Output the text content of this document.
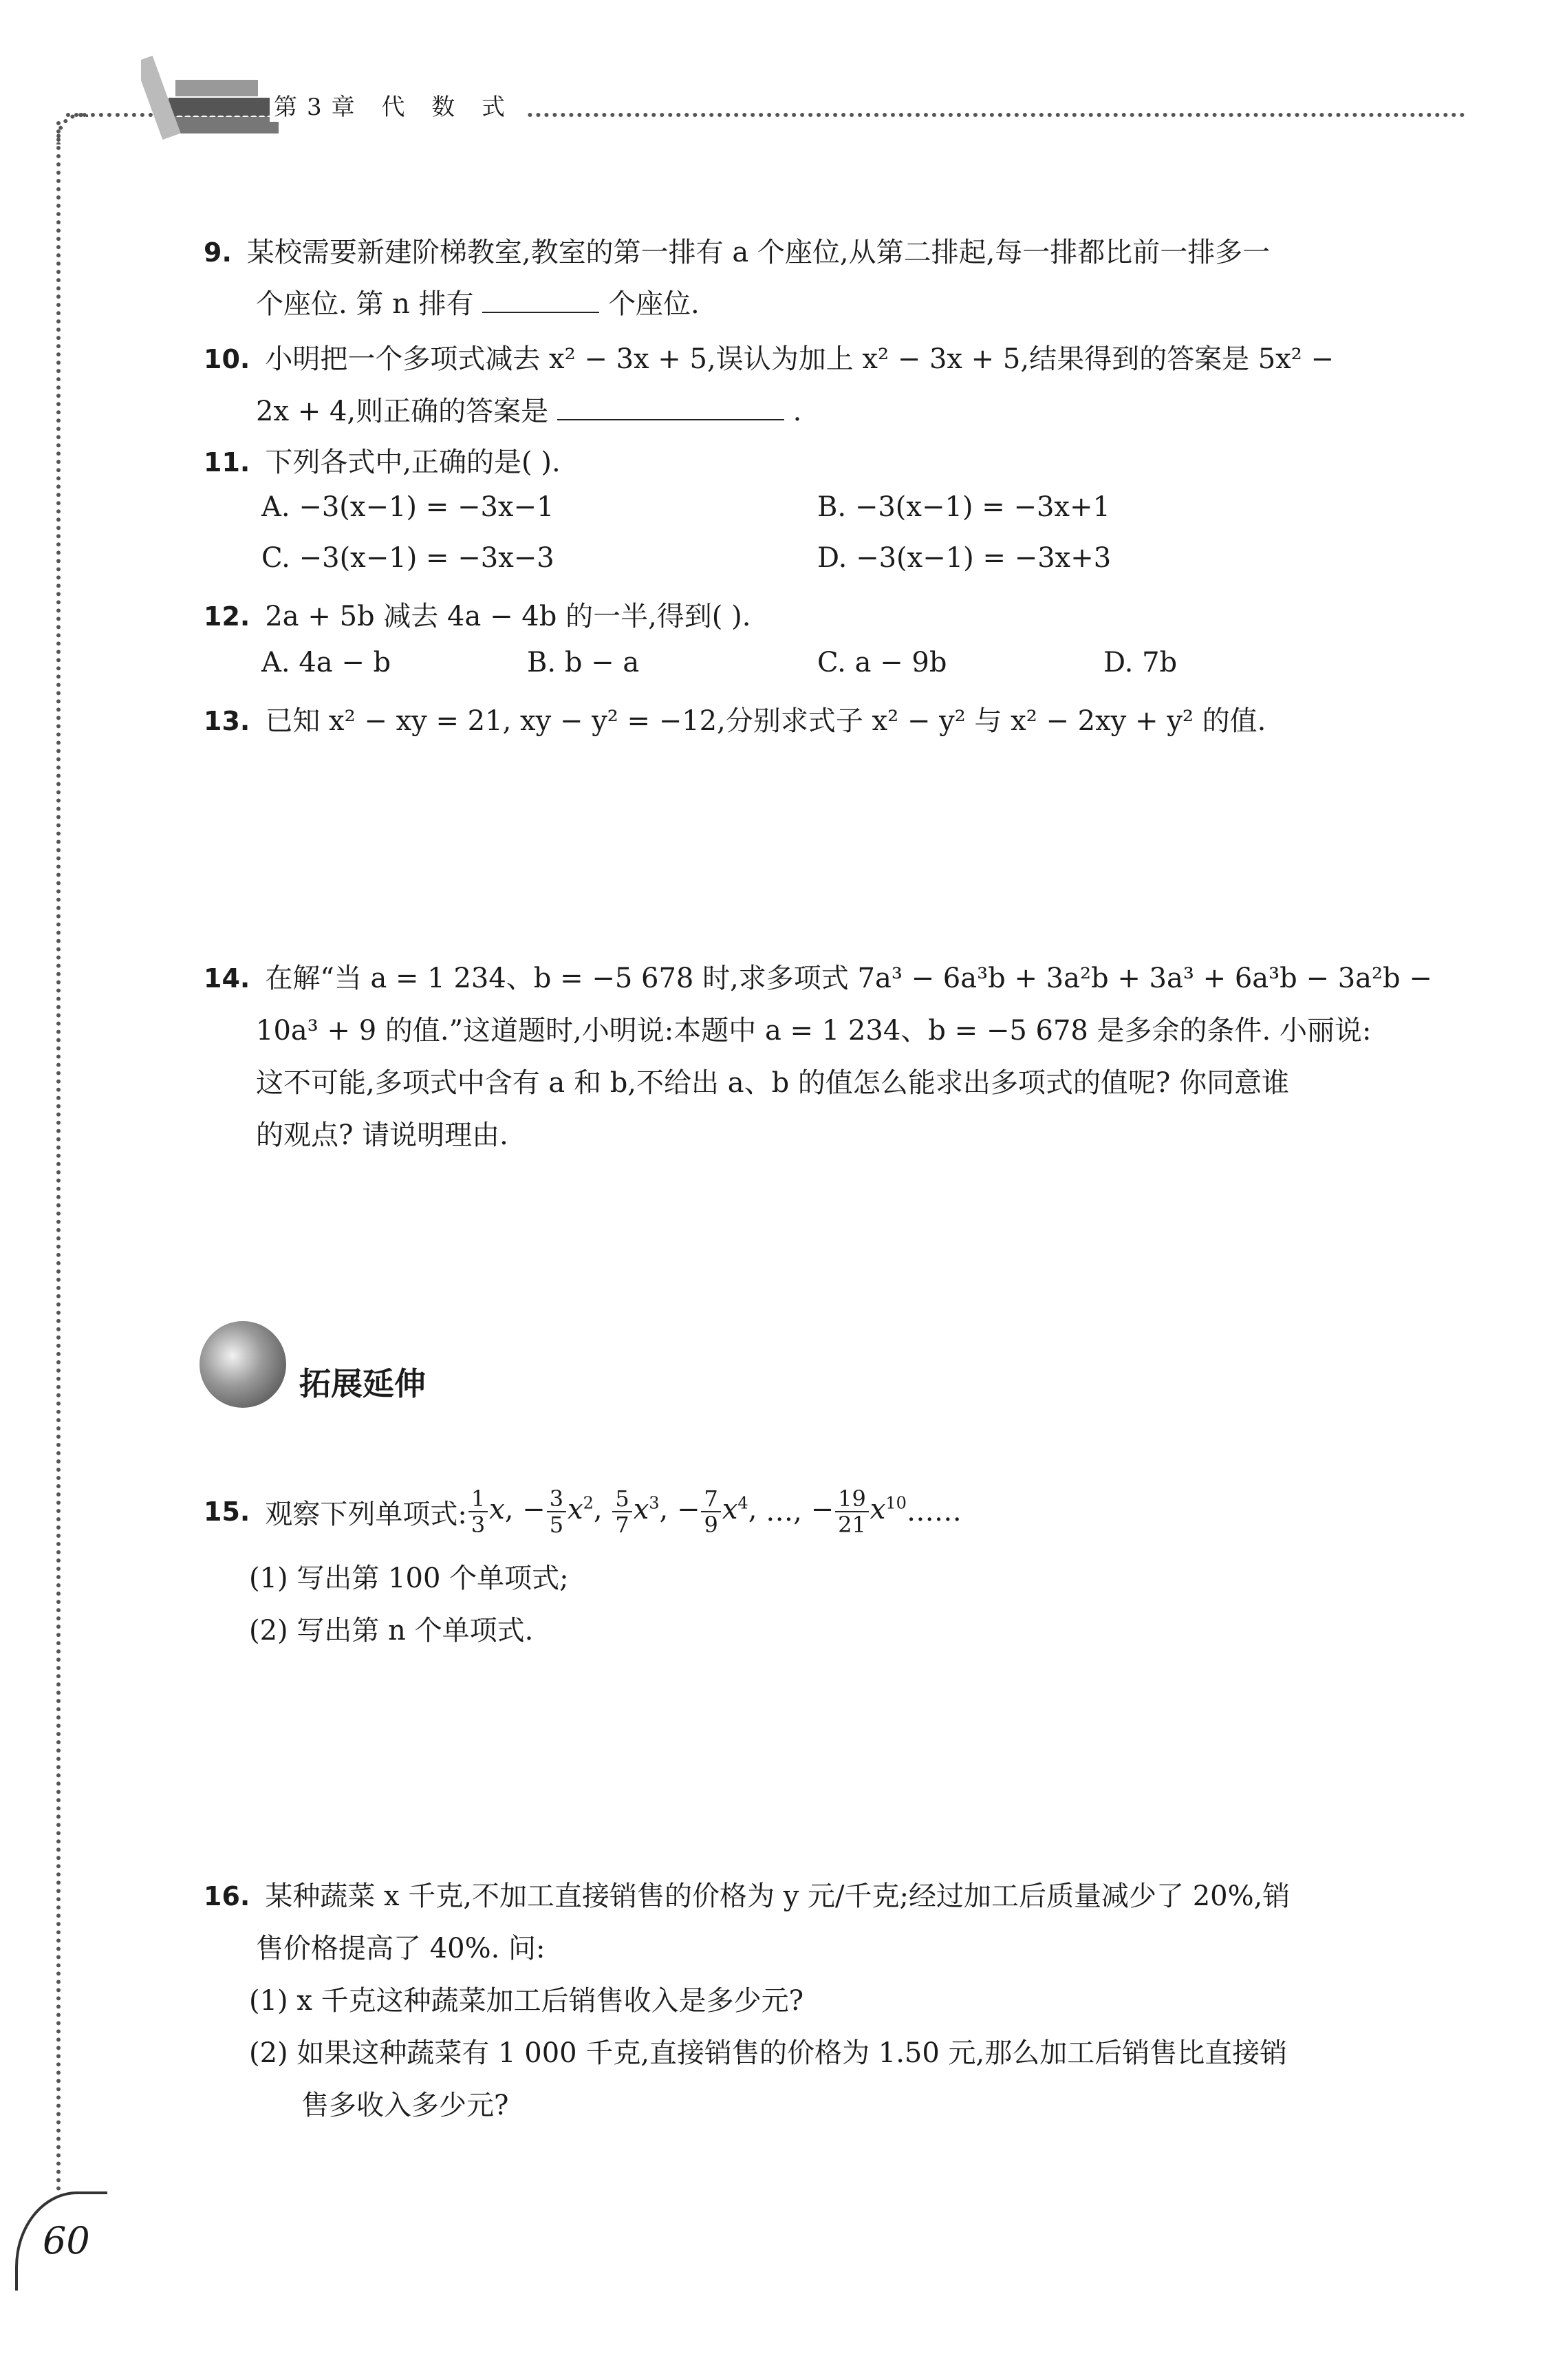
第3章 代 数 式
9. 某校需要新建阶梯教室,教室的第一排有 a 个座位,从第二排起,每一排都比前一排多一
个座位. 第 n 排有	个座位.
10. 小明把一个多项式减去 x² − 3x + 5,误认为加上 x² − 3x + 5,结果得到的答案是 5x² −
2x + 4,则正确的答案是	.
11. 下列各式中,正确的是( ).
A. −3(x−1) = −3x−1	B. −3(x−1) = −3x+1
C. −3(x−1) = −3x−3	D. −3(x−1) = −3x+3
12. 2a + 5b 减去 4a − 4b 的一半,得到( ).
A. 4a − b	B. b − a	C. a − 9b	D. 7b
13. 已知 x² − xy = 21, xy − y² = −12,分别求式子 x² − y² 与 x² − 2xy + y² 的值.
14. 在解“当 a = 1 234、b = −5 678 时,求多项式 7a³ − 6a³b + 3a²b + 3a³ + 6a³b − 3a²b −
10a³ + 9 的值.”这道题时,小明说:本题中 a = 1 234、b = −5 678 是多余的条件. 小丽说:
这不可能,多项式中含有 a 和 b,不给出 a、b 的值怎么能求出多项式的值呢? 你同意谁
的观点? 请说明理由.
拓展延伸
15. 观察下列单项式: $\frac{1}{3} x$, − $\frac{3}{5} x^2$, $\frac{5}{7} x^3$, − $\frac{7}{9} x^4$, …,
− $\frac{19}{21} x^{10}$ ……
(1) 写出第 100 个单项式;
(2) 写出第 n 个单项式.
16. 某种蔬菜 x 千克,不加工直接销售的价格为 y 元/千克;经过加工后质量减少了 20%,销
售价格提高了 40%. 问:
(1) x 千克这种蔬菜加工后销售收入是多少元?
(2) 如果这种蔬菜有 1 000 千克,直接销售的价格为 1.50 元,那么加工后销售比直接销
售多收入多少元?
60
